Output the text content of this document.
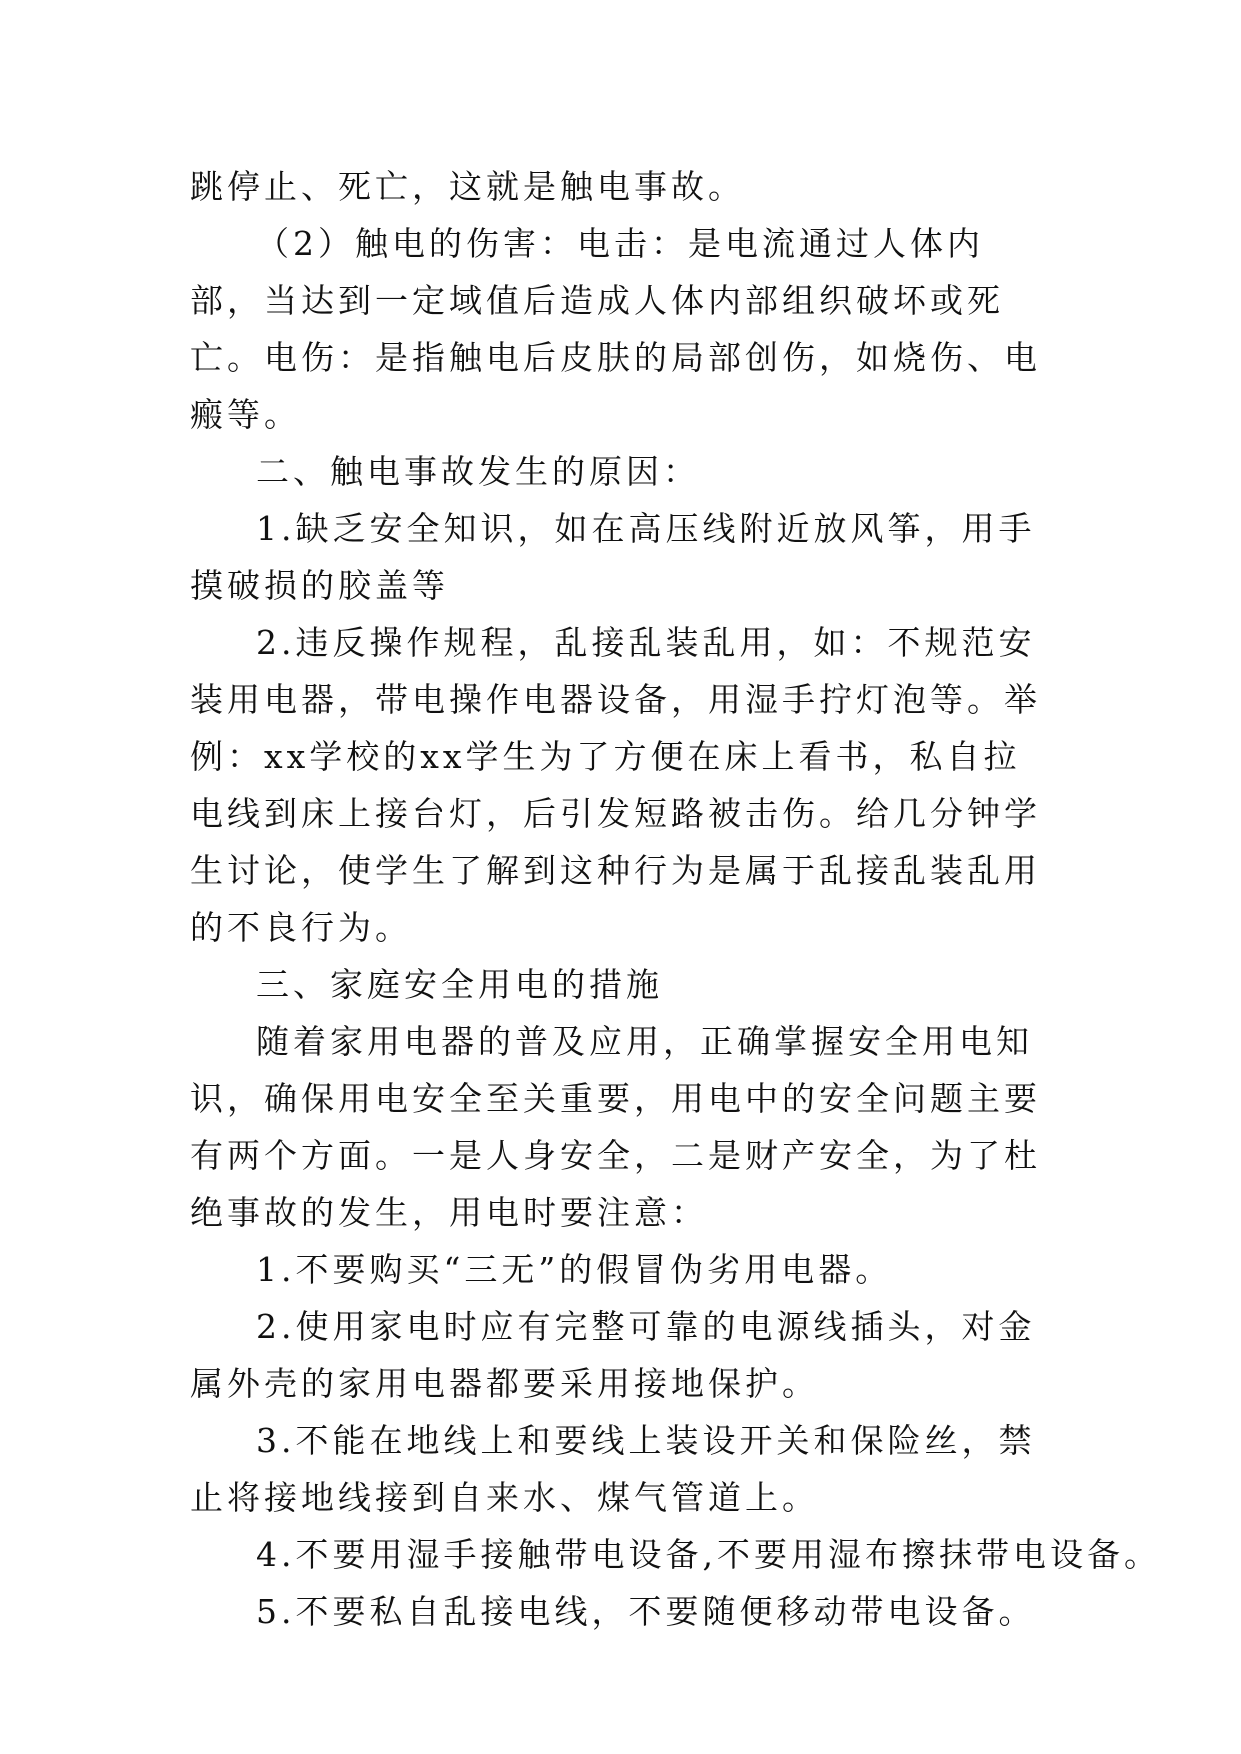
跳停止、死亡，这就是触电事故。

（2）触电的伤害：电击：是电流通过人体内部，当达到一定域值后造成人体内部组织破坏或死亡。电伤：是指触电后皮肤的局部创伤，如烧伤、电瘢等。

二、触电事故发生的原因：

1.缺乏安全知识，如在高压线附近放风筝，用手摸破损的胶盖等

2.违反操作规程，乱接乱装乱用，如：不规范安装用电器，带电操作电器设备，用湿手拧灯泡等。举例：xx学校的xx学生为了方便在床上看书，私自拉电线到床上接台灯，后引发短路被击伤。给几分钟学生讨论，使学生了解到这种行为是属于乱接乱装乱用的不良行为。

三、家庭安全用电的措施

随着家用电器的普及应用，正确掌握安全用电知识，确保用电安全至关重要，用电中的安全问题主要有两个方面。一是人身安全，二是财产安全，为了杜绝事故的发生，用电时要注意：

1.不要购买“三无”的假冒伪劣用电器。

2.使用家电时应有完整可靠的电源线插头，对金属外壳的家用电器都要采用接地保护。

3.不能在地线上和要线上装设开关和保险丝，禁止将接地线接到自来水、煤气管道上。

4.不要用湿手接触带电设备,不要用湿布擦抹带电设备。

5.不要私自乱接电线，不要随便移动带电设备。
